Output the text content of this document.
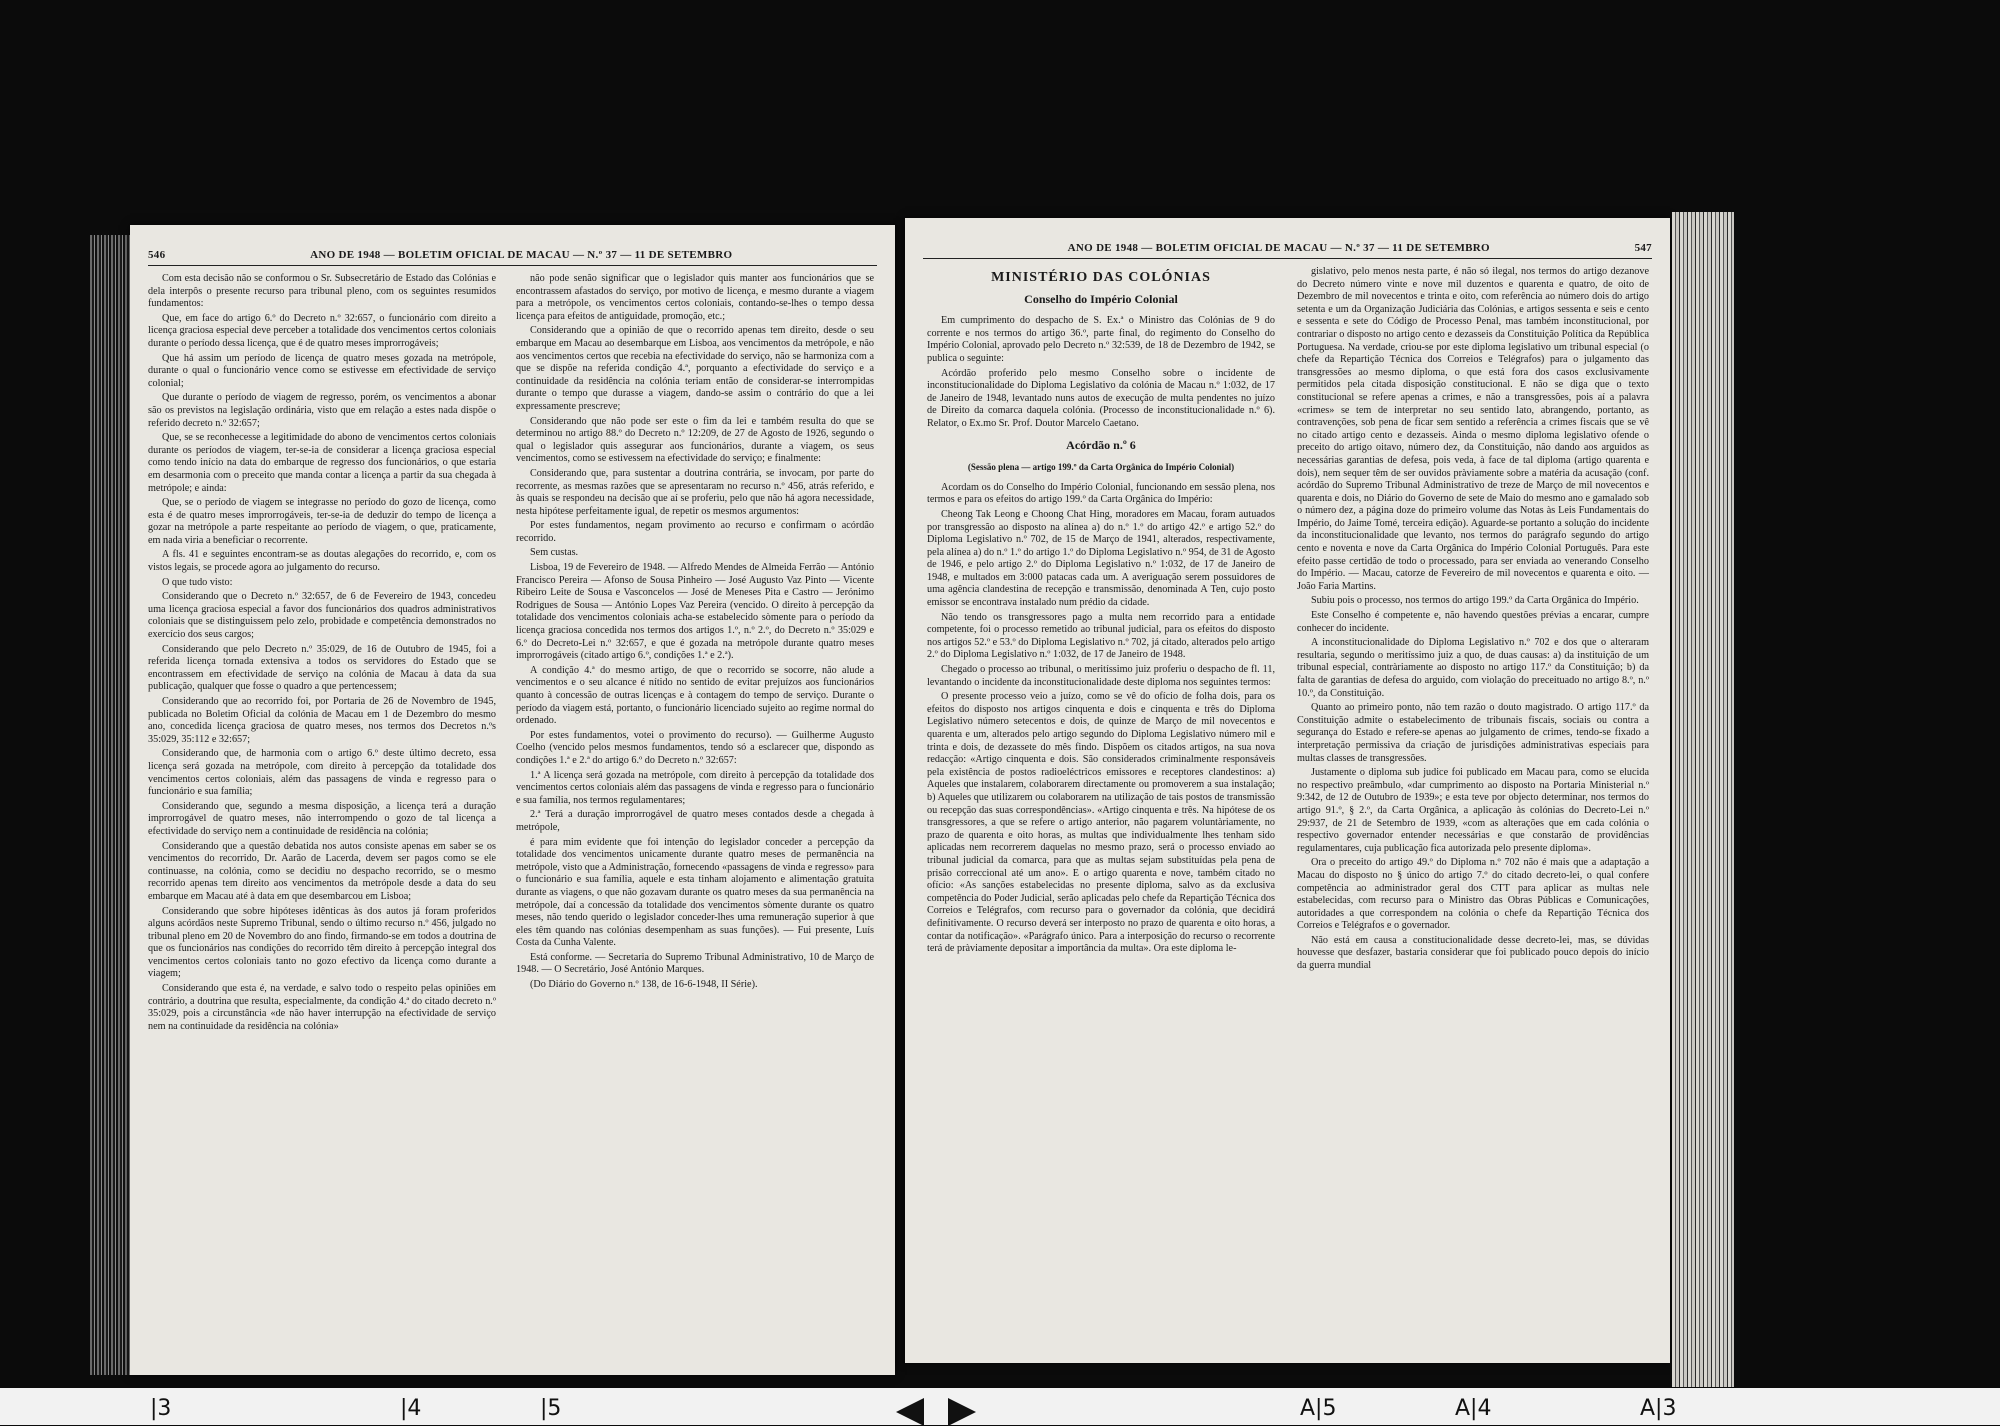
546	ANO DE 1948 — BOLETIM OFICIAL DE MACAU — N.º 37 — 11 DE SETEMBRO

Com esta decisão não se conformou o Sr. Subsecretário de Estado das Colónias e dela interpôs o presente recurso para tribunal pleno, com os seguintes resumidos fundamentos:

Que, em face do artigo 6.º do Decreto n.º 32:657, o funcionário com direito a licença graciosa especial deve perceber a totalidade dos vencimentos certos coloniais durante o período dessa licença, que é de quatro meses improrrogáveis;

Que há assim um período de licença de quatro meses gozada na metrópole, durante o qual o funcionário vence como se estivesse em efectividade de serviço colonial;

Que durante o período de viagem de regresso, porém, os vencimentos a abonar são os previstos na legislação ordinária, visto que em relação a estes nada dispõe o referido decreto n.º 32:657;

Que, se se reconhecesse a legitimidade do abono de vencimentos certos coloniais durante os períodos de viagem, ter-se-ia de considerar a licença graciosa especial como tendo início na data do embarque de regresso dos funcionários, o que estaria em desarmonia com o preceito que manda contar a licença a partir da sua chegada à metrópole; e ainda:

Que, se o período de viagem se integrasse no período do gozo de licença, como esta é de quatro meses improrrogáveis, ter-se-ia de deduzir do tempo de licença a gozar na metrópole a parte respeitante ao período de viagem, o que, praticamente, em nada viria a beneficiar o recorrente.

A fls. 41 e seguintes encontram-se as doutas alegações do recorrido, e, com os vistos legais, se procede agora ao julgamento do recurso.

O que tudo visto:

Considerando que o Decreto n.º 32:657, de 6 de Fevereiro de 1943, concedeu uma licença graciosa especial a favor dos funcionários dos quadros administrativos coloniais que se distinguissem pelo zelo, probidade e competência demonstrados no exercício dos seus cargos;

Considerando que pelo Decreto n.º 35:029, de 16 de Outubro de 1945, foi a referida licença tornada extensiva a todos os servidores do Estado que se encontrassem em efectividade de serviço na colónia de Macau à data da sua publicação, qualquer que fosse o quadro a que pertencessem;

Considerando que ao recorrido foi, por Portaria de 26 de Novembro de 1945, publicada no Boletim Oficial da colónia de Macau em 1 de Dezembro do mesmo ano, concedida licença graciosa de quatro meses, nos termos dos Decretos n.ºs 35:029, 35:112 e 32:657;

Considerando que, de harmonia com o artigo 6.º deste último decreto, essa licença será gozada na metrópole, com direito à percepção da totalidade dos vencimentos certos coloniais, além das passagens de vinda e regresso para o funcionário e sua família;

Considerando que, segundo a mesma disposição, a licença terá a duração improrrogável de quatro meses, não interrompendo o gozo de tal licença a efectividade do serviço nem a continuidade de residência na colónia;

Considerando que a questão debatida nos autos consiste apenas em saber se os vencimentos do recorrido, Dr. Aarão de Lacerda, devem ser pagos como se ele continuasse, na colónia, como se decidiu no despacho recorrido, se o mesmo recorrido apenas tem direito aos vencimentos da metrópole desde a data do seu embarque em Macau até à data em que desembarcou em Lisboa;

Considerando que sobre hipóteses idênticas às dos autos já foram proferidos alguns acórdãos neste Supremo Tribunal, sendo o último recurso n.º 456, julgado no tribunal pleno em 20 de Novembro do ano findo, firmando-se em todos a doutrina de que os funcionários nas condições do recorrido têm direito à percepção integral dos vencimentos certos coloniais tanto no gozo efectivo da licença como durante a viagem;

Considerando que esta é, na verdade, e salvo todo o respeito pelas opiniões em contrário, a doutrina que resulta, especialmente, da condição 4.ª do citado decreto n.º 35:029, pois a circunstância «de não haver interrupção na efectividade de serviço nem na continuidade da residência na colónia»

não pode senão significar que o legislador quis manter aos funcionários que se encontrassem afastados do serviço, por motivo de licença, e mesmo durante a viagem para a metrópole, os vencimentos certos coloniais, contando-se-lhes o tempo dessa licença para efeitos de antiguidade, promoção, etc.;

Considerando que a opinião de que o recorrido apenas tem direito, desde o seu embarque em Macau ao desembarque em Lisboa, aos vencimentos da metrópole, e não aos vencimentos certos que recebia na efectividade do serviço, não se harmoniza com a que se dispõe na referida condição 4.ª, porquanto a efectividade do serviço e a continuidade da residência na colónia teriam então de considerar-se interrompidas durante o tempo que durasse a viagem, dando-se assim o contrário do que a lei expressamente prescreve;

Considerando que não pode ser este o fim da lei e também resulta do que se determinou no artigo 88.º do Decreto n.º 12:209, de 27 de Agosto de 1926, segundo o qual o legislador quis assegurar aos funcionários, durante a viagem, os seus vencimentos, como se estivessem na efectividade do serviço; e finalmente:

Considerando que, para sustentar a doutrina contrária, se invocam, por parte do recorrente, as mesmas razões que se apresentaram no recurso n.º 456, atrás referido, e às quais se respondeu na decisão que aí se proferiu, pelo que não há agora necessidade, nesta hipótese perfeitamente igual, de repetir os mesmos argumentos:

Por estes fundamentos, negam provimento ao recurso e confirmam o acórdão recorrido.

Sem custas.

Lisboa, 19 de Fevereiro de 1948. — Alfredo Mendes de Almeida Ferrão — António Francisco Pereira — Afonso de Sousa Pinheiro — José Augusto Vaz Pinto — Vicente Ribeiro Leite de Sousa e Vasconcelos — José de Meneses Pita e Castro — Jerónimo Rodrigues de Sousa — António Lopes Vaz Pereira (vencido. O direito à percepção da totalidade dos vencimentos coloniais acha-se estabelecido sòmente para o período da licença graciosa concedida nos termos dos artigos 1.º, n.º 2.º, do Decreto n.º 35:029 e 6.º do Decreto-Lei n.º 32:657, e que é gozada na metrópole durante quatro meses improrrogáveis (citado artigo 6.º, condições 1.ª e 2.ª).

A condição 4.ª do mesmo artigo, de que o recorrido se socorre, não alude a vencimentos e o seu alcance é nítido no sentido de evitar prejuízos aos funcionários quanto à concessão de outras licenças e à contagem do tempo de serviço. Durante o período da viagem está, portanto, o funcionário licenciado sujeito ao regime normal do ordenado.

Por estes fundamentos, votei o provimento do recurso). — Guilherme Augusto Coelho (vencido pelos mesmos fundamentos, tendo só a esclarecer que, dispondo as condições 1.ª e 2.ª do artigo 6.º do Decreto n.º 32:657:

1.ª A licença será gozada na metrópole, com direito à percepção da totalidade dos vencimentos certos coloniais além das passagens de vinda e regresso para o funcionário e sua família, nos termos regulamentares;

2.ª Terá a duração improrrogável de quatro meses contados desde a chegada à metrópole,

é para mim evidente que foi intenção do legislador conceder a percepção da totalidade dos vencimentos unicamente durante quatro meses de permanência na metrópole, visto que a Administração, fornecendo «passagens de vinda e regresso» para o funcionário e sua família, aquele e esta tinham alojamento e alimentação gratuita durante as viagens, o que não gozavam durante os quatro meses da sua permanência na metrópole, daí a concessão da totalidade dos vencimentos sòmente durante os quatro meses, não tendo querido o legislador conceder-lhes uma remuneração superior à que eles têm quando nas colónias desempenham as suas funções). — Fui presente, Luís Costa da Cunha Valente.

Está conforme. — Secretaria do Supremo Tribunal Administrativo, 10 de Março de 1948. — O Secretário, José António Marques.

(Do Diário do Governo n.º 138, de 16-6-1948, II Série).

ANO DE 1948 — BOLETIM OFICIAL DE MACAU — N.º 37 — 11 DE SETEMBRO	547
MINISTÉRIO DAS COLÓNIAS
Conselho do Império Colonial

Em cumprimento do despacho de S. Ex.ª o Ministro das Colónias de 9 do corrente e nos termos do artigo 36.º, parte final, do regimento do Conselho do Império Colonial, aprovado pelo Decreto n.º 32:539, de 18 de Dezembro de 1942, se publica o seguinte:

Acórdão proferido pelo mesmo Conselho sobre o incidente de inconstitucionalidade do Diploma Legislativo da colónia de Macau n.º 1:032, de 17 de Janeiro de 1948, levantado nuns autos de execução de multa pendentes no juízo de Direito da comarca daquela colónia. (Processo de inconstitucionalidade n.º 6). Relator, o Ex.mo Sr. Prof. Doutor Marcelo Caetano.

Acórdão n.º 6
(Sessão plena — artigo 199.º da Carta Orgânica do Império Colonial)

Acordam os do Conselho do Império Colonial, funcionando em sessão plena, nos termos e para os efeitos do artigo 199.º da Carta Orgânica do Império:

Cheong Tak Leong e Choong Chat Hing, moradores em Macau, foram autuados por transgressão ao disposto na alínea a) do n.º 1.º do artigo 42.º e artigo 52.º do Diploma Legislativo n.º 702, de 15 de Março de 1941, alterados, respectivamente, pela alínea a) do n.º 1.º do artigo 1.º do Diploma Legislativo n.º 954, de 31 de Agosto de 1946, e pelo artigo 2.º do Diploma Legislativo n.º 1:032, de 17 de Janeiro de 1948, e multados em 3:000 patacas cada um. A averiguação serem possuidores de uma agência clandestina de recepção e transmissão, denominada A Ten, cujo posto emissor se encontrava instalado num prédio da cidade.

Não tendo os transgressores pago a multa nem recorrido para a entidade competente, foi o processo remetido ao tribunal judicial, para os efeitos do disposto nos artigos 52.º e 53.º do Diploma Legislativo n.º 702, já citado, alterados pelo artigo 2.º do Diploma Legislativo n.º 1:032, de 17 de Janeiro de 1948.

Chegado o processo ao tribunal, o meritíssimo juiz proferiu o despacho de fl. 11, levantando o incidente da inconstitucionalidade deste diploma nos seguintes termos:

O presente processo veio a juízo, como se vê do ofício de folha dois, para os efeitos do disposto nos artigos cinquenta e dois e cinquenta e três do Diploma Legislativo número setecentos e dois, de quinze de Março de mil novecentos e quarenta e um, alterados pelo artigo segundo do Diploma Legislativo número mil e trinta e dois, de dezassete do mês findo. Dispõem os citados artigos, na sua nova redacção: «Artigo cinquenta e dois. São considerados criminalmente responsáveis pela existência de postos radioeléctricos emissores e receptores clandestinos: a) Aqueles que instalarem, colaborarem directamente ou promoverem a sua instalação; b) Aqueles que utilizarem ou colaborarem na utilização de tais postos de transmissão ou recepção das suas correspondências». «Artigo cinquenta e três. Na hipótese de os transgressores, a que se refere o artigo anterior, não pagarem voluntàriamente, no prazo de quarenta e oito horas, as multas que individualmente lhes tenham sido aplicadas nem recorrerem daquelas no mesmo prazo, será o processo enviado ao tribunal judicial da comarca, para que as multas sejam substituídas pela pena de prisão correccional até um ano». E o artigo quarenta e nove, também citado no ofício: «As sanções estabelecidas no presente diploma, salvo as da exclusiva competência do Poder Judicial, serão aplicadas pelo chefe da Repartição Técnica dos Correios e Telégrafos, com recurso para o governador da colónia, que decidirá definitivamente. O recurso deverá ser interposto no prazo de quarenta e oito horas, a contar da notificação». «Parágrafo único. Para a interposição do recurso o recorrente terá de pràviamente depositar a importância da multa». Ora este diploma le-

gislativo, pelo menos nesta parte, é não só ilegal, nos termos do artigo dezanove do Decreto número vinte e nove mil duzentos e quarenta e quatro, de oito de Dezembro de mil novecentos e trinta e oito, com referência ao número dois do artigo setenta e um da Organização Judiciária das Colónias, e artigos sessenta e seis e cento e sessenta e sete do Código de Processo Penal, mas também inconstitucional, por contrariar o disposto no artigo cento e dezasseis da Constituição Política da República Portuguesa. Na verdade, criou-se por este diploma legislativo um tribunal especial (o chefe da Repartição Técnica dos Correios e Telégrafos) para o julgamento das transgressões ao mesmo diploma, o que está fora dos casos exclusivamente permitidos pela citada disposição constitucional. E não se diga que o texto constitucional se refere apenas a crimes, e não a transgressões, pois aí a palavra «crimes» se tem de interpretar no seu sentido lato, abrangendo, portanto, as contravenções, sob pena de ficar sem sentido a referência a crimes fiscais que se vê no citado artigo cento e dezasseis. Ainda o mesmo diploma legislativo ofende o preceito do artigo oitavo, número dez, da Constituição, não dando aos arguidos as necessárias garantias de defesa, pois veda, à face de tal diploma (artigo quarenta e dois), nem sequer têm de ser ouvidos pràviamente sobre a matéria da acusação (conf. acórdão do Supremo Tribunal Administrativo de treze de Março de mil novecentos e quarenta e dois, no Diário do Governo de sete de Maio do mesmo ano e gamalado sob o número dez, a página doze do primeiro volume das Notas às Leis Fundamentais do Império, do Jaime Tomé, terceira edição). Aguarde-se portanto a solução do incidente da inconstitucionalidade que levanto, nos termos do parágrafo segundo do artigo cento e noventa e nove da Carta Orgânica do Império Colonial Português. Para este efeito passe certidão de todo o processado, para ser enviada ao venerando Conselho do Império. — Macau, catorze de Fevereiro de mil novecentos e quarenta e oito. — João Faria Martins.

Subiu pois o processo, nos termos do artigo 199.º da Carta Orgânica do Império.

Este Conselho é competente e, não havendo questões prévias a encarar, cumpre conhecer do incidente.

A inconstitucionalidade do Diploma Legislativo n.º 702 e dos que o alteraram resultaria, segundo o meritíssimo juiz a quo, de duas causas: a) da instituição de um tribunal especial, contràriamente ao disposto no artigo 117.º da Constituição; b) da falta de garantias de defesa do arguido, com violação do preceituado no artigo 8.º, n.º 10.º, da Constituição.

Quanto ao primeiro ponto, não tem razão o douto magistrado. O artigo 117.º da Constituição admite o estabelecimento de tribunais fiscais, sociais ou contra a segurança do Estado e refere-se apenas ao julgamento de crimes, tendo-se fixado a interpretação permissiva da criação de jurisdições administrativas especiais para multas classes de transgressões.

Justamente o diploma sub judice foi publicado em Macau para, como se elucida no respectivo preâmbulo, «dar cumprimento ao disposto na Portaria Ministerial n.º 9:342, de 12 de Outubro de 1939»; e esta teve por objecto determinar, nos termos do artigo 91.º, § 2.º, da Carta Orgânica, a aplicação às colónias do Decreto-Lei n.º 29:937, de 21 de Setembro de 1939, «com as alterações que em cada colónia o respectivo governador entender necessárias e que constarão de providências regulamentares, cuja publicação fica autorizada pelo presente diploma».

Ora o preceito do artigo 49.º do Diploma n.º 702 não é mais que a adaptação a Macau do disposto no § único do artigo 7.º do citado decreto-lei, o qual confere competência ao administrador geral dos CTT para aplicar as multas nele estabelecidas, com recurso para o Ministro das Obras Públicas e Comunicações, autoridades a que correspondem na colónia o chefe da Repartição Técnica dos Correios e Telégrafos e o governador.

Não está em causa a constitucionalidade desse decreto-lei, mas, se dúvidas houvesse que desfazer, bastaria considerar que foi publicado pouco depois do início da guerra mundial

|3	|4	|5	A|5	A|4	A|3
